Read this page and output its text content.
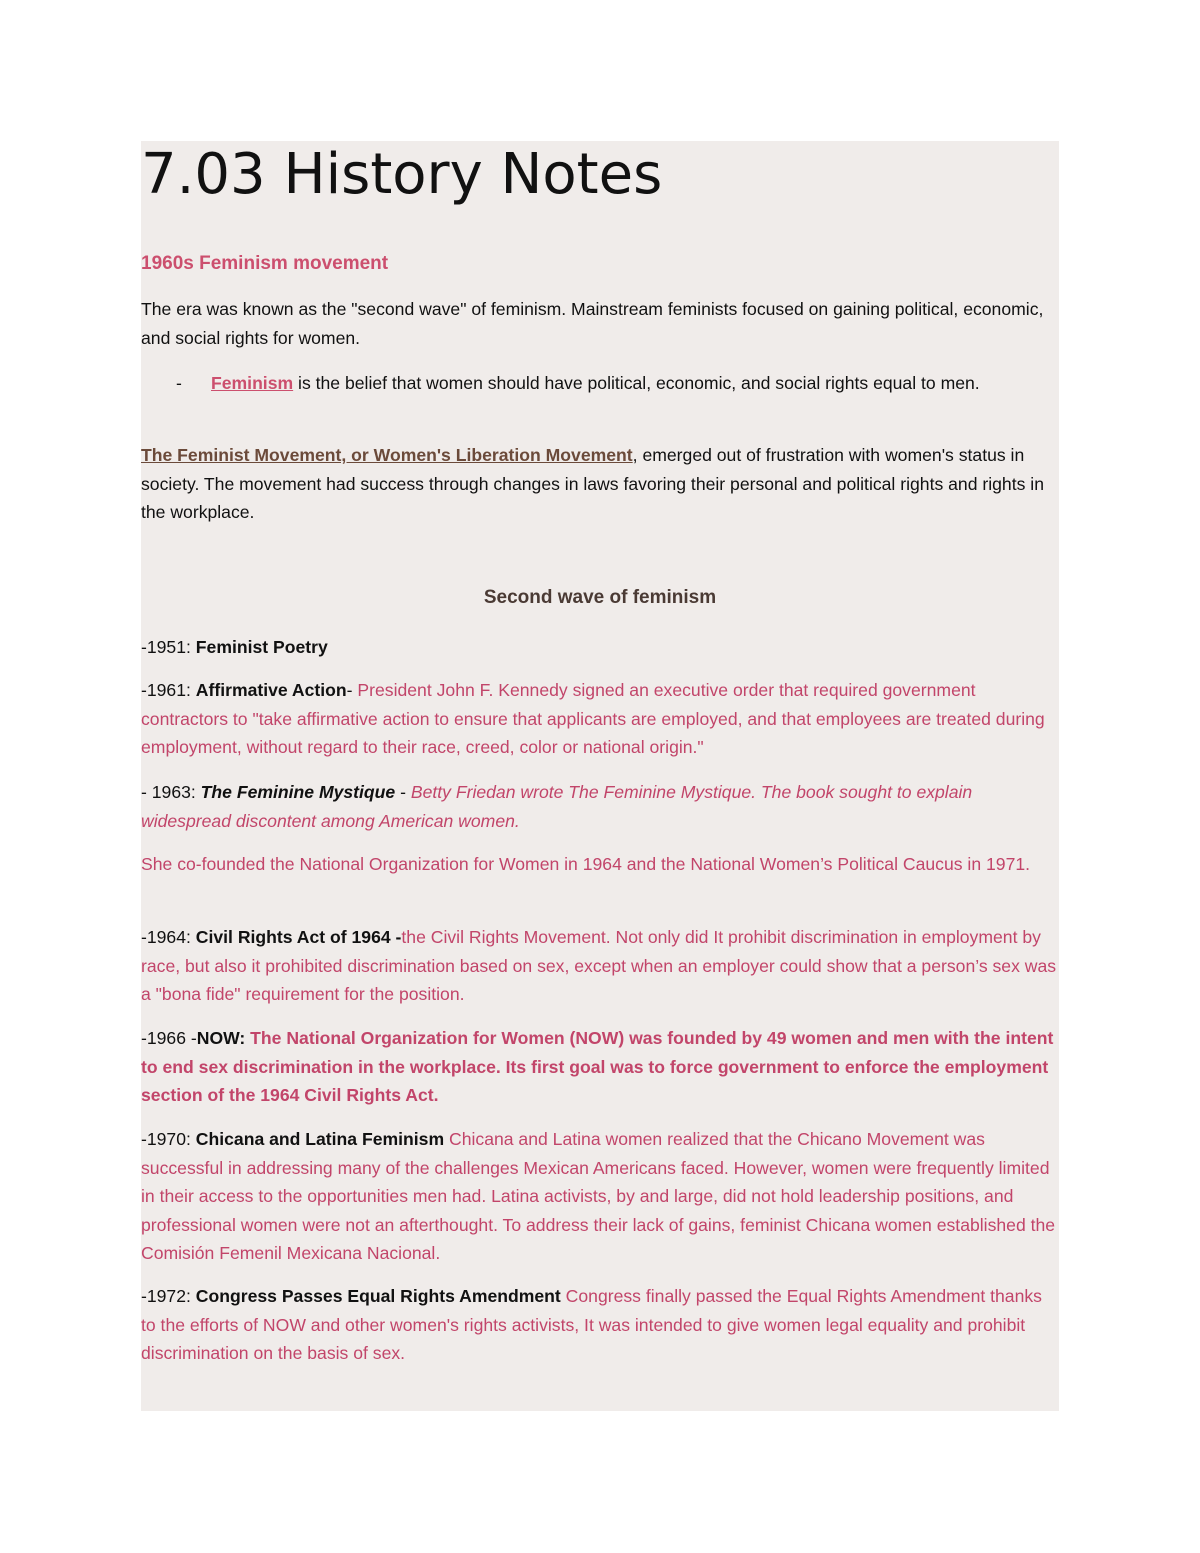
7.03 History Notes
1960s Feminism movement
The era was known as the "second wave" of feminism. Mainstream feminists focused on gaining political, economic, and social rights for women.
- Feminism is the belief that women should have political, economic, and social rights equal to men.
The Feminist Movement, or Women's Liberation Movement, emerged out of frustration with women's status in society. The movement had success through changes in laws favoring their personal and political rights and rights in the workplace.
Second wave of feminism
-1951: Feminist Poetry
-1961: Affirmative Action- President John F. Kennedy signed an executive order that required government contractors to "take affirmative action to ensure that applicants are employed, and that employees are treated during employment, without regard to their race, creed, color or national origin."
- 1963: The Feminine Mystique - Betty Friedan wrote The Feminine Mystique. The book sought to explain widespread discontent among American women.
She co-founded the National Organization for Women in 1964 and the National Women’s Political Caucus in 1971.
-1964: Civil Rights Act of 1964 -the Civil Rights Movement. Not only did It prohibit discrimination in employment by race, but also it prohibited discrimination based on sex, except when an employer could show that a person’s sex was a "bona fide" requirement for the position.
-1966 -NOW: The National Organization for Women (NOW) was founded by 49 women and men with the intent to end sex discrimination in the workplace. Its first goal was to force government to enforce the employment section of the 1964 Civil Rights Act.
-1970: Chicana and Latina Feminism Chicana and Latina women realized that the Chicano Movement was successful in addressing many of the challenges Mexican Americans faced. However, women were frequently limited in their access to the opportunities men had. Latina activists, by and large, did not hold leadership positions, and professional women were not an afterthought. To address their lack of gains, feminist Chicana women established the Comisión Femenil Mexicana Nacional.
-1972: Congress Passes Equal Rights Amendment Congress finally passed the Equal Rights Amendment thanks to the efforts of NOW and other women's rights activists, It was intended to give women legal equality and prohibit discrimination on the basis of sex.
